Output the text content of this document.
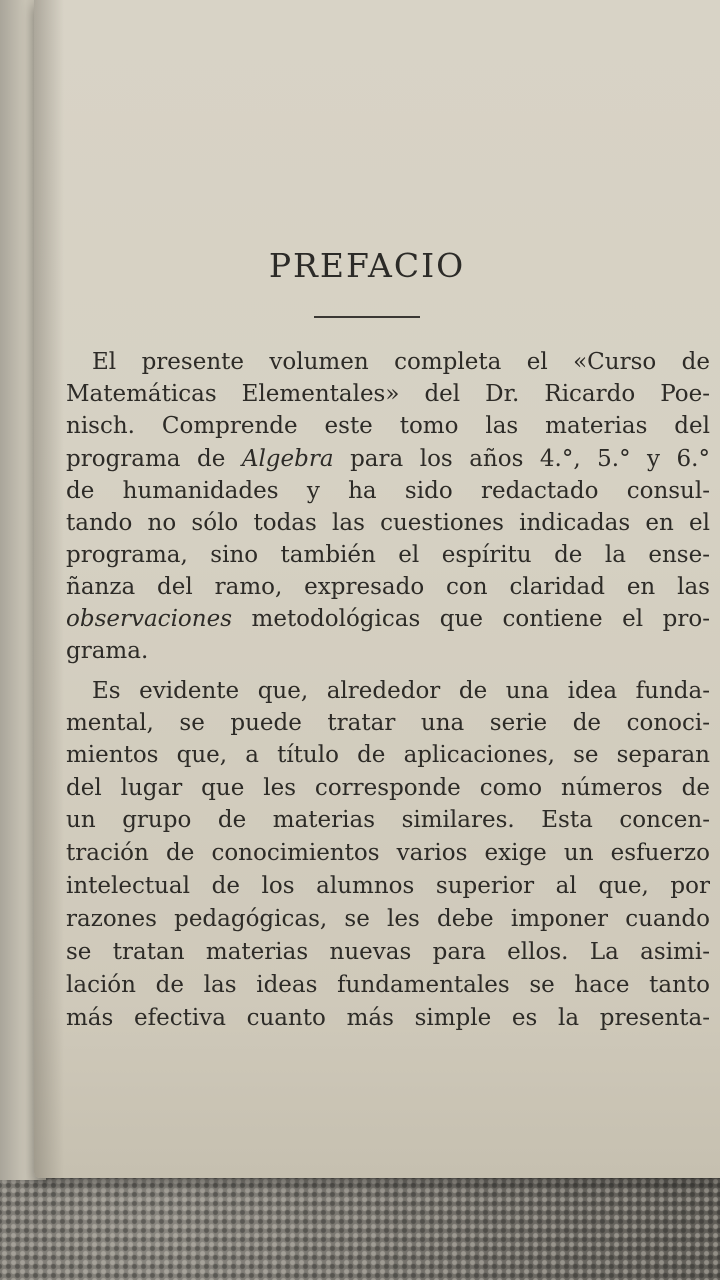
PREFACIO
El presente volumen completa el «Curso de
Matemáticas Elementales» del Dr. Ricardo Poe-
nisch. Comprende este tomo las materias del
programa de Algebra para los años 4.°, 5.° y 6.°
de humanidades y ha sido redactado consul-
tando no sólo todas las cuestiones indicadas en el
programa, sino también el espíritu de la ense-
ñanza del ramo, expresado con claridad en las
observaciones metodológicas que contiene el pro-
grama.
Es evidente que, alrededor de una idea funda-
mental, se puede tratar una serie de conoci-
mientos que, a título de aplicaciones, se separan
del lugar que les corresponde como números de
un grupo de materias similares. Esta concen-
tración de conocimientos varios exige un esfuerzo
intelectual de los alumnos superior al que, por
razones pedagógicas, se les debe imponer cuando
se tratan materias nuevas para ellos. La asimi-
lación de las ideas fundamentales se hace tanto
más efectiva cuanto más simple es la presenta-
